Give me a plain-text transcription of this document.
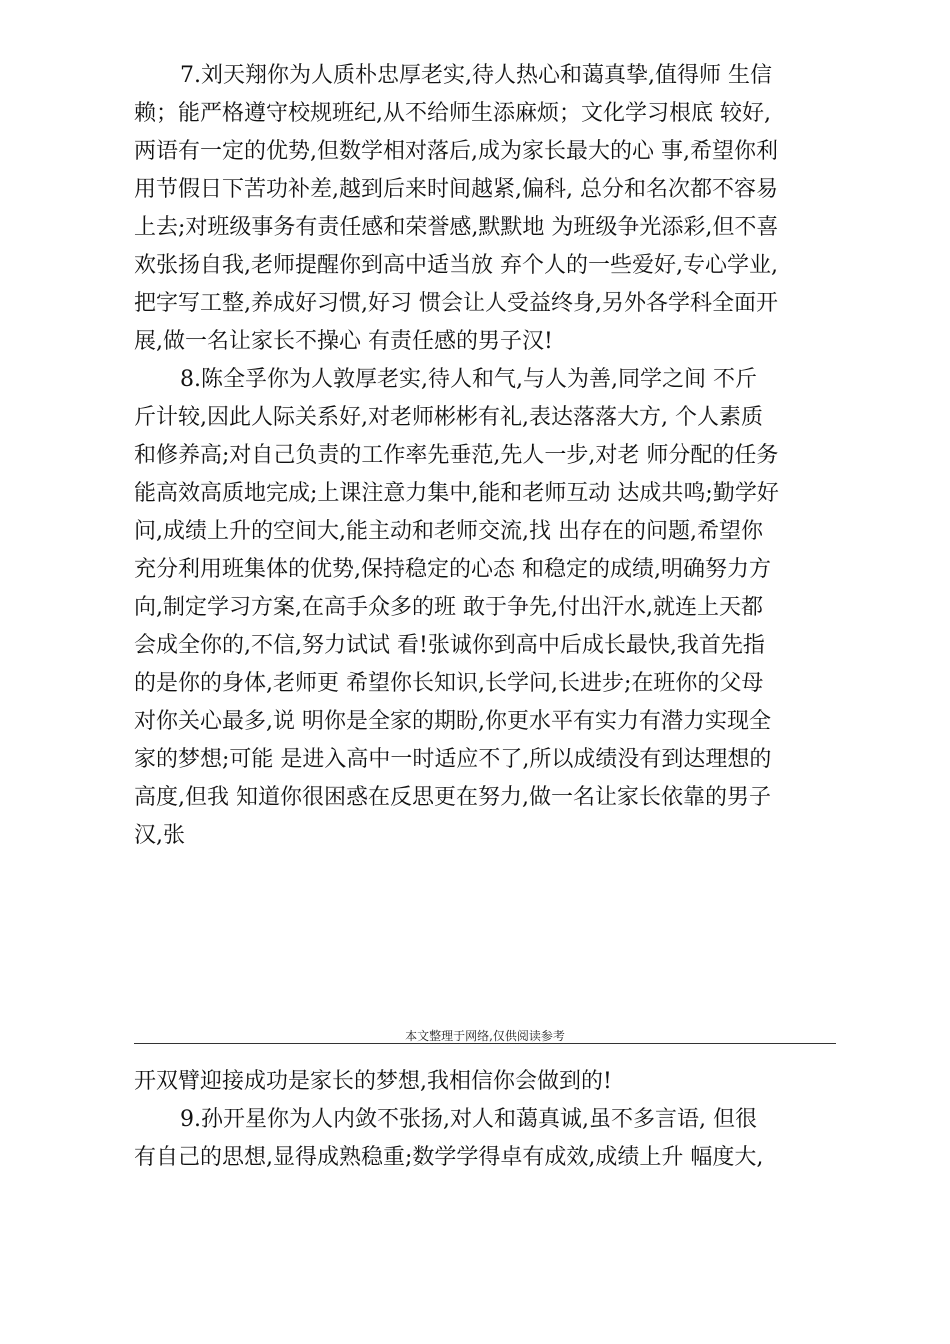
7.刘天翔你为人质朴忠厚老实,待人热心和蔼真挚,值得师 生信
赖；能严格遵守校规班纪,从不给师生添麻烦；文化学习根底 较好,
两语有一定的优势,但数学相对落后,成为家长最大的心 事,希望你利
用节假日下苦功补差,越到后来时间越紧,偏科, 总分和名次都不容易
上去;对班级事务有责任感和荣誉感,默默地 为班级争光添彩,但不喜
欢张扬自我,老师提醒你到高中适当放 弃个人的一些爱好,专心学业,
把字写工整,养成好习惯,好习 惯会让人受益终身,另外各学科全面开
展,做一名让家长不操心 有责任感的男子汉!
8.陈全孚你为人敦厚老实,待人和气,与人为善,同学之间 不斤
斤计较,因此人际关系好,对老师彬彬有礼,表达落落大方, 个人素质
和修养高;对自己负责的工作率先垂范,先人一步,对老 师分配的任务
能高效高质地完成;上课注意力集中,能和老师互动 达成共鸣;勤学好
问,成绩上升的空间大,能主动和老师交流,找 出存在的问题,希望你
充分利用班集体的优势,保持稳定的心态 和稳定的成绩,明确努力方
向,制定学习方案,在高手众多的班 敢于争先,付出汗水,就连上天都
会成全你的,不信,努力试试 看!张诚你到高中后成长最快,我首先指
的是你的身体,老师更 希望你长知识,长学问,长进步;在班你的父母
对你关心最多,说 明你是全家的期盼,你更水平有实力有潜力实现全
家的梦想;可能 是进入高中一时适应不了,所以成绩没有到达理想的
高度,但我 知道你很困惑在反思更在努力,做一名让家长依靠的男子
汉,张
本文整理于网络,仅供阅读参考
开双臂迎接成功是家长的梦想,我相信你会做到的!
9.孙开星你为人内敛不张扬,对人和蔼真诚,虽不多言语, 但很
有自己的思想,显得成熟稳重;数学学得卓有成效,成绩上升 幅度大,
